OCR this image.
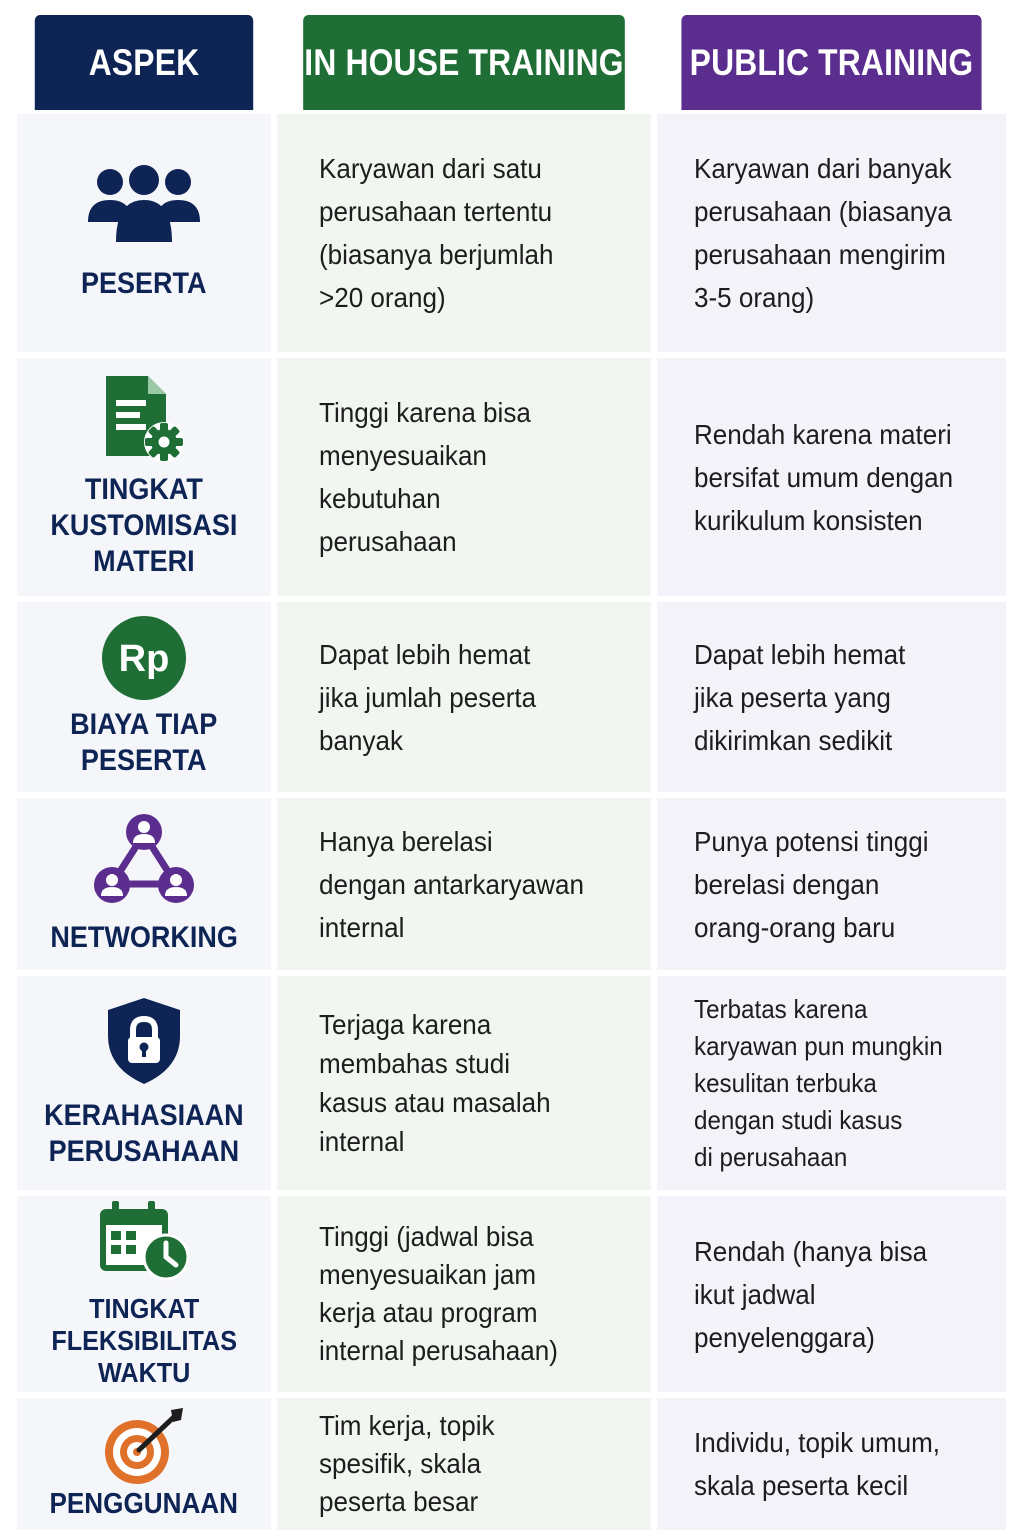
ASPEK	IN HOUSE TRAINING PUBLIC TRAINING
PESERTA
Karyawan dari satu
perusahaan tertentu
(biasanya berjumlah
>20 orang)
Karyawan dari banyak
perusahaan (biasanya
perusahaan mengirim
3-5 orang)
TINGKAT
KUSTOMISASI
MATERI
Tinggi karena bisa
menyesuaikan
kebutuhan
perusahaan
Rendah karena materi
bersifat umum dengan
kurikulum konsisten
Rp
BIAYA TIAP
PESERTA
Dapat lebih hemat
jika jumlah peserta
banyak
Dapat lebih hemat
jika peserta yang
dikirimkan sedikit
NETWORKING
Hanya berelasi
dengan antarkaryawan
internal
Punya potensi tinggi
berelasi dengan
orang-orang baru
KERAHASIAAN
PERUSAHAAN
Terjaga karena
membahas studi
kasus atau masalah
internal
Terbatas karena
karyawan pun mungkin
kesulitan terbuka
dengan studi kasus
di perusahaan
TINGKAT
FLEKSIBILITAS
WAKTU
Tinggi (jadwal bisa
menyesuaikan jam
kerja atau program
internal perusahaan)
Rendah (hanya bisa
ikut jadwal
penyelenggara)
PENGGUNAAN
Tim kerja, topik
spesifik, skala
peserta besar
Individu, topik umum,
skala peserta kecil
